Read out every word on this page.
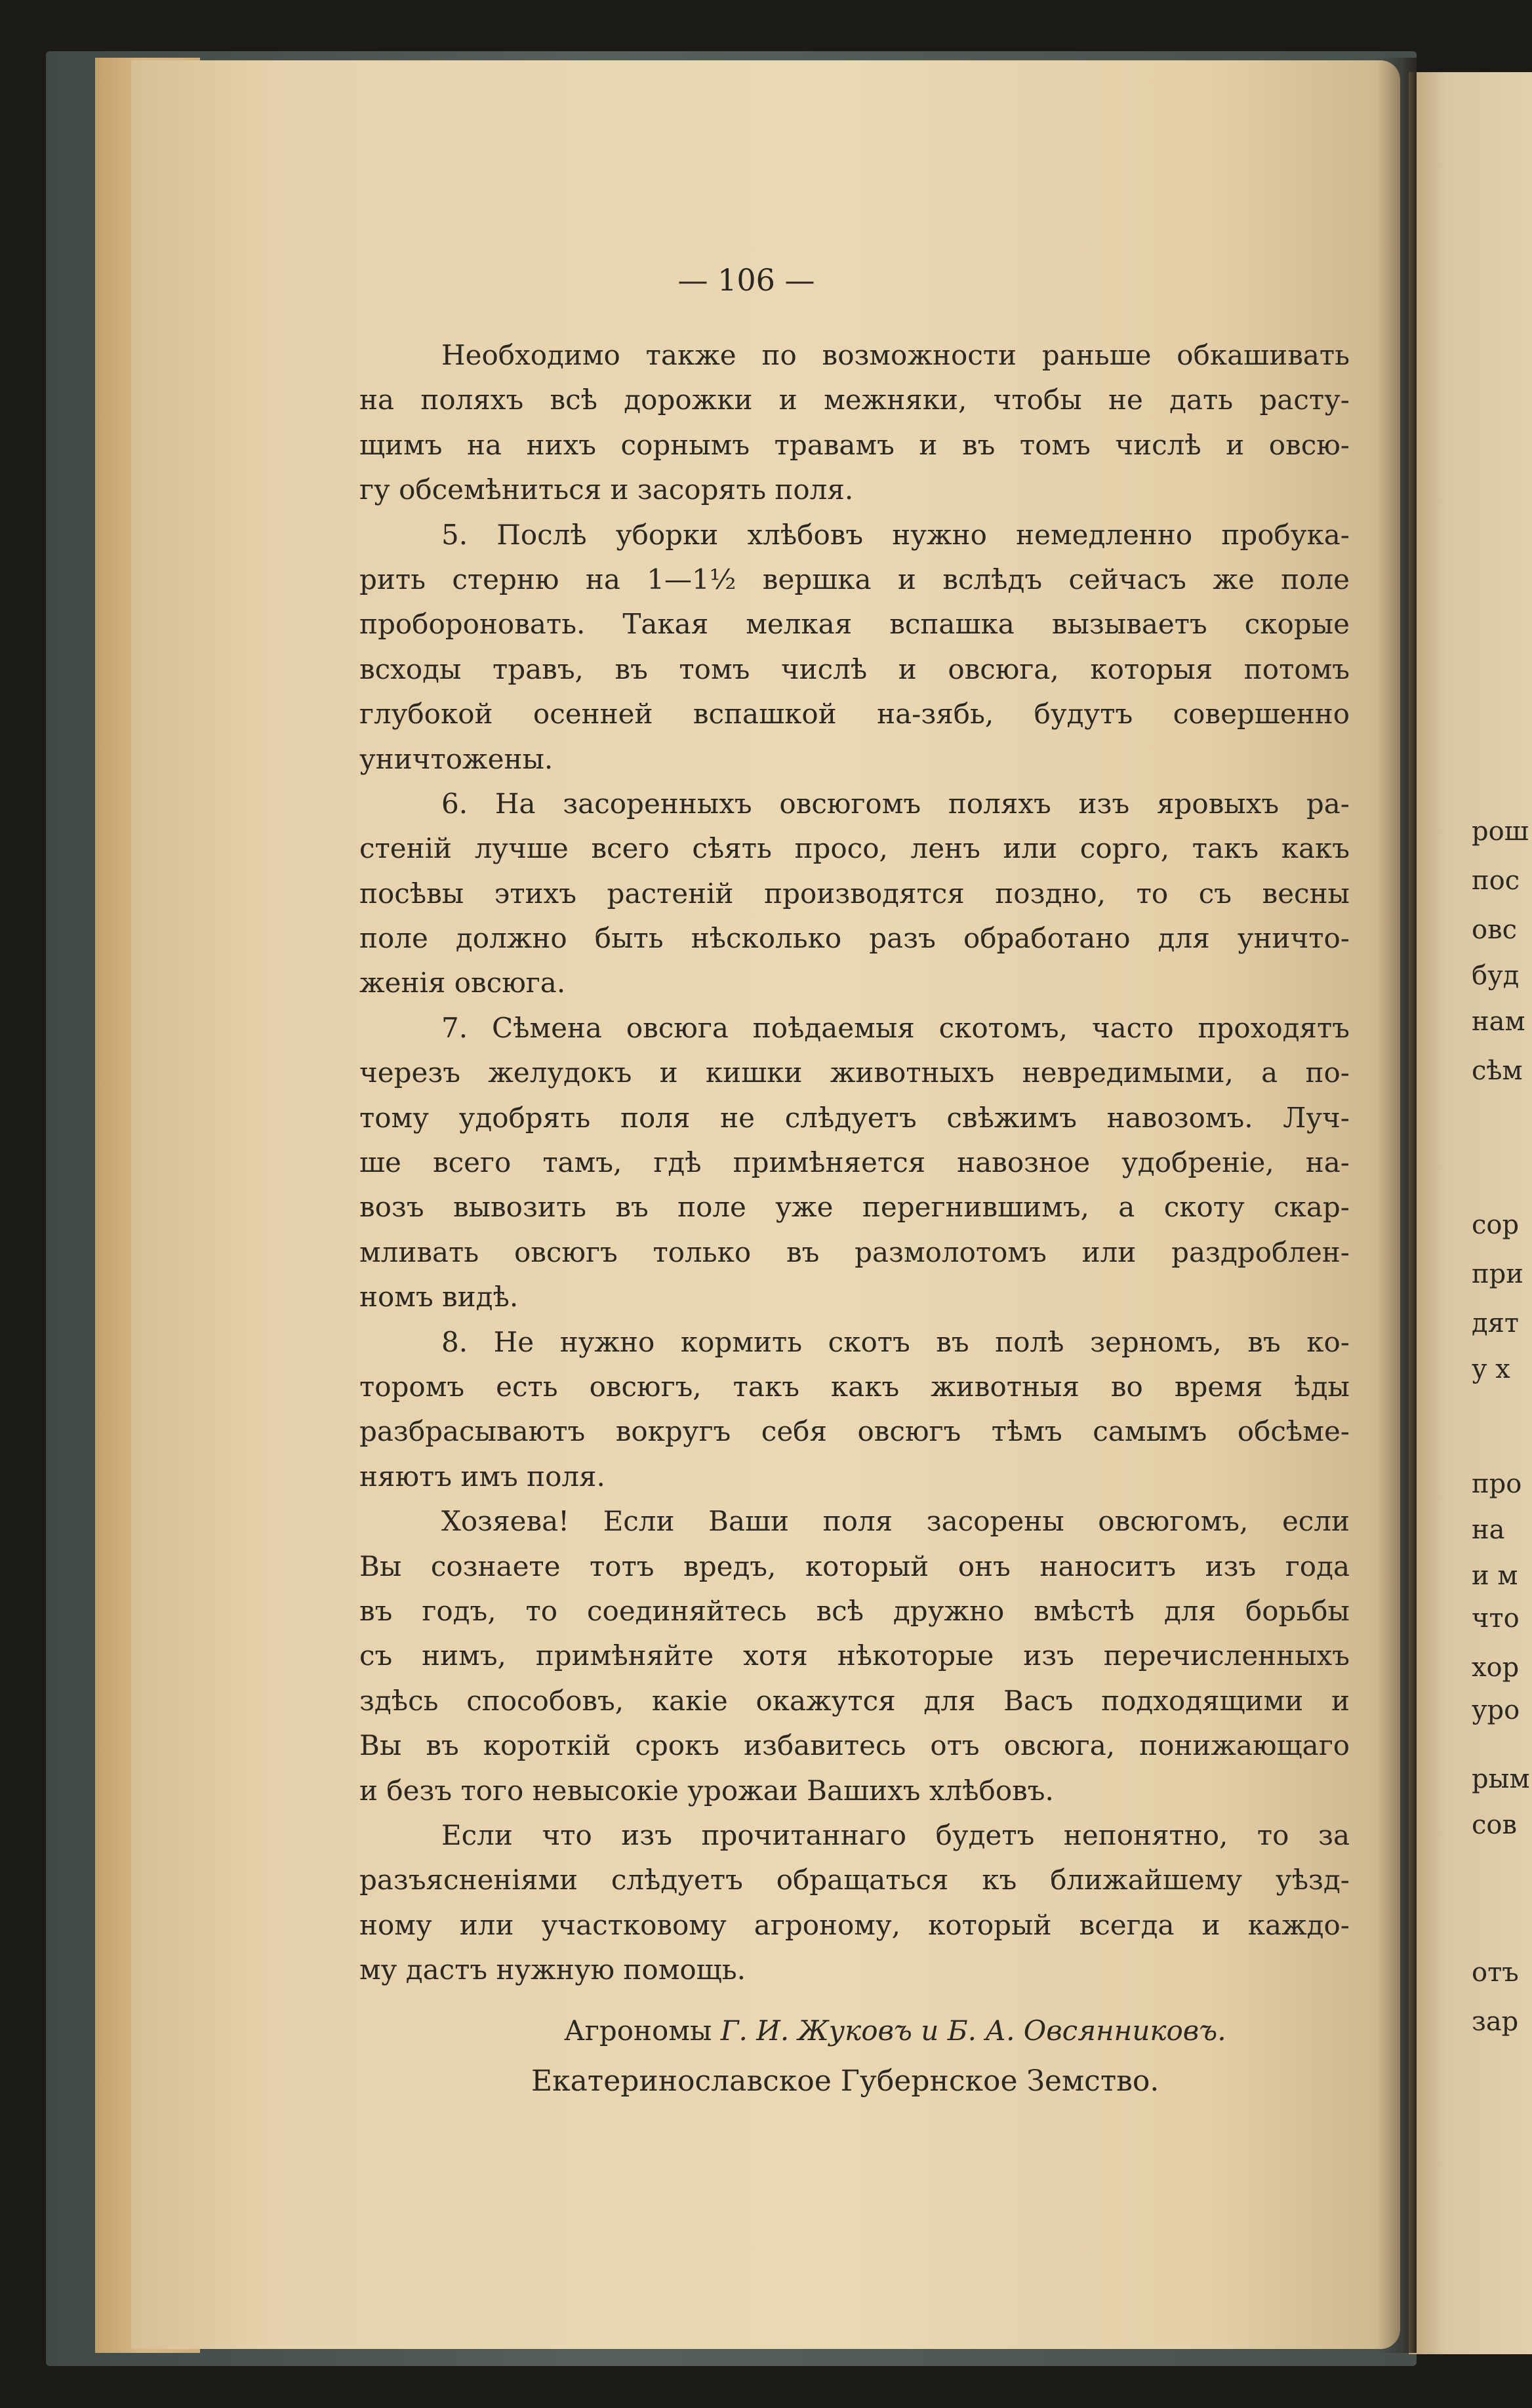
— 106 —
Необходимо также по возможности раньше обкашивать
на поляхъ всѣ дорожки и межняки, чтобы не дать расту-
щимъ на нихъ сорнымъ травамъ и въ томъ числѣ и овсю-
гу обсемѣниться и засорять поля.
5. Послѣ уборки хлѣбовъ нужно немедленно пробука-
рить стерню на 1—1½ вершка и вслѣдъ сейчасъ же поле
пробороновать. Такая мелкая вспашка вызываетъ скорые
всходы травъ, въ томъ числѣ и овсюга, которыя потомъ
глубокой осенней вспашкой на-зябь, будутъ совершенно
уничтожены.
6. На засоренныхъ овсюгомъ поляхъ изъ яровыхъ ра-
стеній лучше всего сѣять просо, ленъ или сорго, такъ какъ
посѣвы этихъ растеній производятся поздно, то съ весны
поле должно быть нѣсколько разъ обработано для уничто-
женія овсюга.
7. Сѣмена овсюга поѣдаемыя скотомъ, часто проходятъ
черезъ желудокъ и кишки животныхъ невредимыми, а по-
тому удобрять поля не слѣдуетъ свѣжимъ навозомъ. Луч-
ше всего тамъ, гдѣ примѣняется навозное удобреніе, на-
возъ вывозить въ поле уже перегнившимъ, а скоту скар-
мливать овсюгъ только въ размолотомъ или раздроблен-
номъ видѣ.
8. Не нужно кормить скотъ въ полѣ зерномъ, въ ко-
торомъ есть овсюгъ, такъ какъ животныя во время ѣды
разбрасываютъ вокругъ себя овсюгъ тѣмъ самымъ обсѣме-
няютъ имъ поля.
Хозяева! Если Ваши поля засорены овсюгомъ, если
Вы сознаете тотъ вредъ, который онъ наноситъ изъ года
въ годъ, то соединяйтесь всѣ дружно вмѣстѣ для борьбы
съ нимъ, примѣняйте хотя нѣкоторые изъ перечисленныхъ
здѣсь способовъ, какіе окажутся для Васъ подходящими и
Вы въ короткій срокъ избавитесь отъ овсюга, понижающаго
и безъ того невысокіе урожаи Вашихъ хлѣбовъ.
Если что изъ прочитаннаго будетъ непонятно, то за
разъясненіями слѣдуетъ обращаться къ ближайшему уѣзд-
ному или участковому агроному, который всегда и каждо-
му дастъ нужную помощь.
Агрономы Г. И. Жуковъ и Б. А. Овсянниковъ.
Екатеринославское Губернское Земство.
рош
пос
овс
буд
нам
сѣм
сор
при
дят
у х
про
на
и м
что
хор
уро
рым
сов
отъ
зар
